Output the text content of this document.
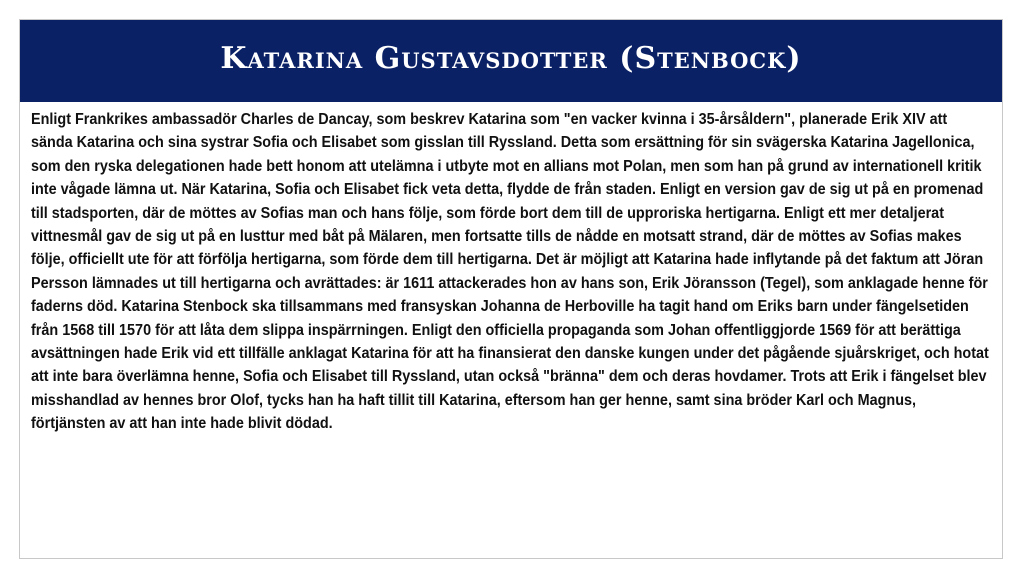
Katarina Gustavsdotter (Stenbock)

Enligt Frankrikes ambassadör Charles de Dancay, som beskrev Katarina som "en vacker kvinna i 35-årsåldern", planerade Erik XIV att sända Katarina och sina systrar Sofia och Elisabet som gisslan till Ryssland. Detta som ersättning för sin svägerska Katarina Jagellonica, som den ryska delegationen hade bett honom att utelämna i utbyte mot en allians mot Polan, men som han på grund av internationell kritik inte vågade lämna ut. När Katarina, Sofia och Elisabet fick veta detta, flydde de från staden. Enligt en version gav de sig ut på en promenad till stadsporten, där de möttes av Sofias man och hans följe, som förde bort dem till de upproriska hertigarna. Enligt ett mer detaljerat vittnesmål gav de sig ut på en lusttur med båt på Mälaren, men fortsatte tills de nådde en motsatt strand, där de möttes av Sofias makes följe, officiellt ute för att förfölja hertigarna, som förde dem till hertigarna. Det är möjligt att Katarina hade inflytande på det faktum att Jöran Persson lämnades ut till hertigarna och avrättades: är 1611 attackerades hon av hans son, Erik Jöransson (Tegel), som anklagade henne för faderns död. Katarina Stenbock ska tillsammans med fransyskan Johanna de Herboville ha tagit hand om Eriks barn under fängelsetiden från 1568 till 1570 för att låta dem slippa inspärrningen. Enligt den officiella propaganda som Johan offentliggjorde 1569 för att berättiga avsättningen hade Erik vid ett tillfälle anklagat Katarina för att ha finansierat den danske kungen under det pågående sjuårskriget, och hotat att inte bara överlämna henne, Sofia och Elisabet till Ryssland, utan också "bränna" dem och deras hovdamer. Trots att Erik i fängelset blev misshandlad av hennes bror Olof, tycks han ha haft tillit till Katarina, eftersom han ger henne, samt sina bröder Karl och Magnus, förtjänsten av att han inte hade blivit dödad.
